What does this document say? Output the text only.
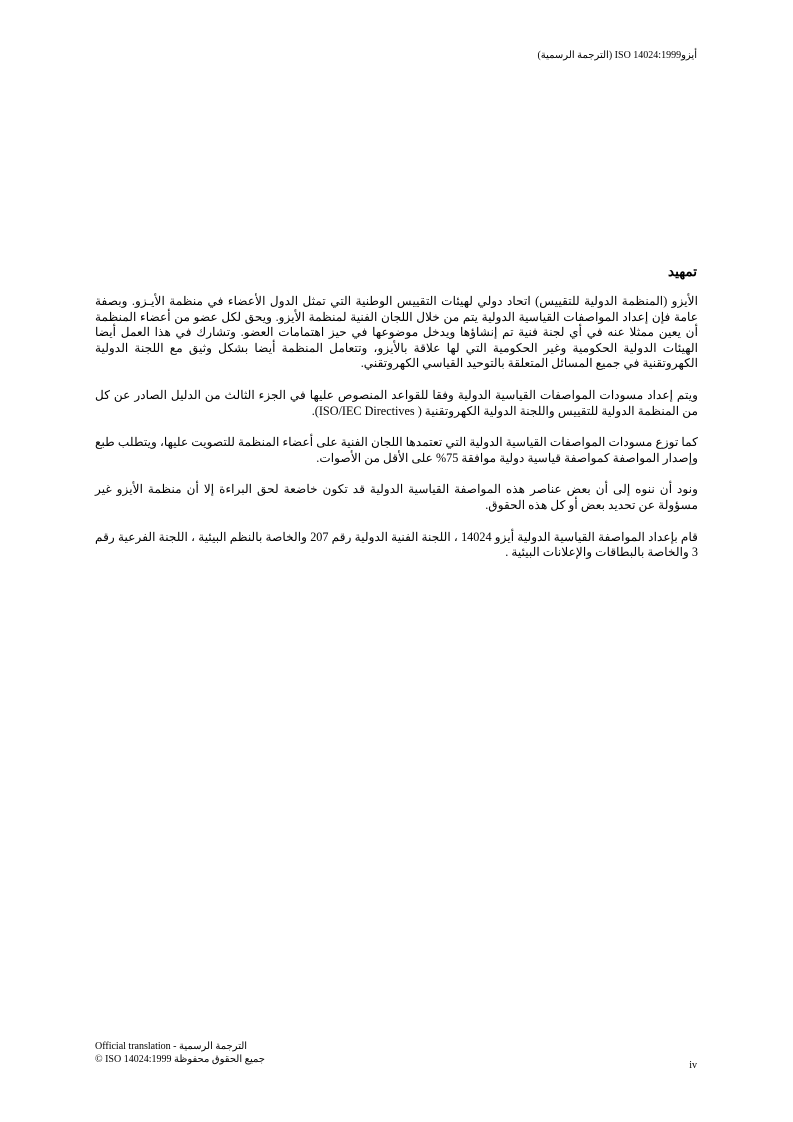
أيزو14024:1999 ISO (الترجمة الرسمية)
تمهيد

الأيزو (المنظمة الدولية للتقييس) اتحاد دولي لهيئات التقييس الوطنية التي تمثل الدول الأعضاء في منظمة الأيـزو. وبصفة عامة فإن إعداد المواصفات القياسية الدولية يتم من خلال اللجان الفنية لمنظمة الأيزو. ويحق لكل عضو من أعضاء المنظمة أن يعين ممثلا عنه في أي لجنة فنية تم إنشاؤها ويدخل موضوعها في حيز اهتمامات العضو. وتشارك في هذا العمل أيضا الهيئات الدولية الحكومية وغير الحكومية التي لها علاقة بالأيزو، وتتعامل المنظمة أيضا بشكل وثيق مع اللجنة الدولية الكهروتقنية في جميع المسائل المتعلقة بالتوحيد القياسي الكهروتقني.

ويتم إعداد مسودات المواصفات القياسية الدولية وفقا للقواعد المنصوص عليها في الجزء الثالث من الدليل الصادر عن كل من المنظمة الدولية للتقييس واللجنة الدولية الكهروتقنية ( ISO/IEC Directives).

كما توزع مسودات المواصفات القياسية الدولية التي تعتمدها اللجان الفنية على أعضاء المنظمة للتصويت عليها، ويتطلب طبع وإصدار المواصفة كمواصفة قياسية دولية موافقة 75% على الأقل من الأصوات.

ونود أن ننوه إلى أن بعض عناصر هذه المواصفة القياسية الدولية قد تكون خاضعة لحق البراءة إلا أن منظمة الأيزو غير مسؤولة عن تحديد بعض أو كل هذه الحقوق.

قام بإعداد المواصفة القياسية الدولية أيزو 14024 ، اللجنة الفنية الدولية رقم 207 والخاصة بالنظم البيئية ، اللجنة الفرعية رقم 3 والخاصة بالبطاقات والإعلانات البيئية .

Official translation - الترجمة الرسمية
© ISO 14024:1999 جميع الحقوق محفوظة
iv
